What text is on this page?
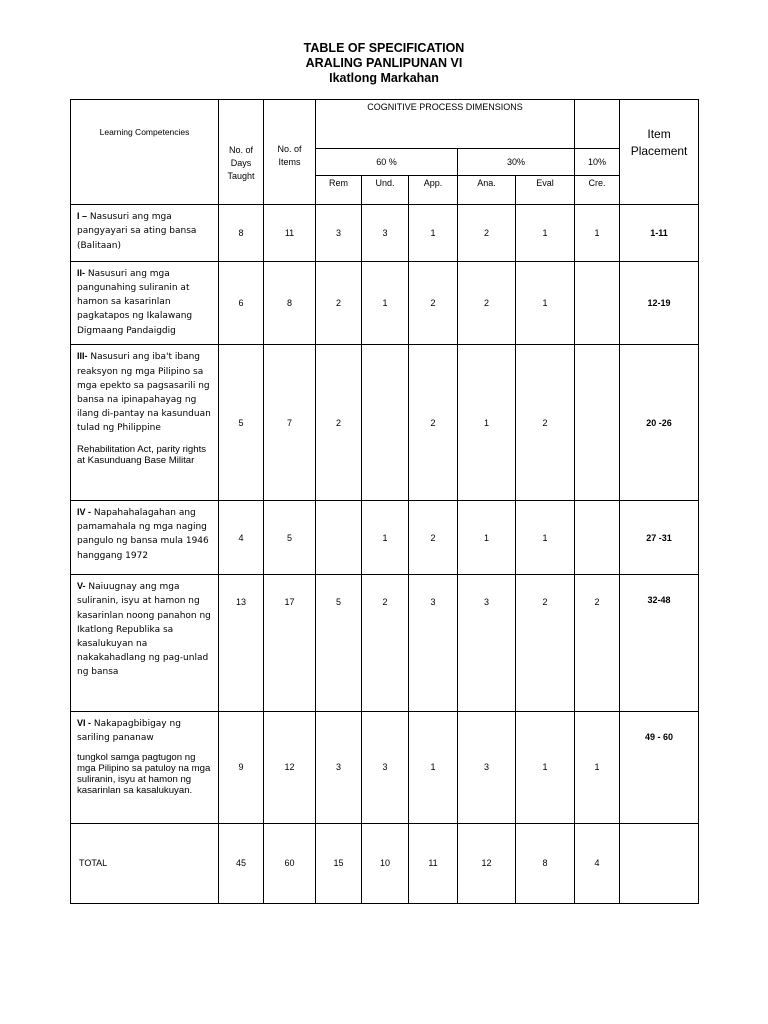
TABLE OF SPECIFICATION
ARALING PANLIPUNAN VI
Ikatlong Markahan
Learning Competencies	No. of
Days
Taught	No. of
Items	COGNITIVE PROCESS DIMENSIONS						Item
Placement

			60 %			30%		10%	
			Rem	Und.	App.	Ana.	Eval	Cre.	
I – Nasusuri ang mga pangyayari sa ating bansa (Balitaan)	8	11	3	3	1	2	1	1	1-11
II- Nasusuri ang mga pangunahing suliranin at hamon sa kasarinlan pagkatapos ng Ikalawang Digmaang Pandaigdig	6	8	2	1	2	2	1		12-19
III- Nasusuri ang iba't ibang reaksyon ng mga Pilipino sa mga epekto sa pagsasarili ng bansa na ipinapahayag ng ilang di-pantay na kasunduan tulad ng Philippine
Rehabilitation Act, parity rights at Kasunduang Base Militar	5	7	2		2	1	2		20 -26
IV - Napahahalagahan ang pamamahala ng mga naging pangulo ng bansa mula 1946 hanggang 1972	4	5		1	2	1	1		27 -31
V- Naiuugnay ang mga suliranin, isyu at hamon ng kasarinlan noong panahon ng Ikatlong Republika sa kasalukuyan na nakakahadlang ng pag-unlad ng bansa	13	17	5	2	3	3	2	2	32-48
VI - Nakapagbibigay ng sariling pananaw
tungkol samga pagtugon ng mga Pilipino sa patuloy na mga suliranin, isyu at hamon ng kasarinlan sa kasalukuyan.	9	12	3	3	1	3	1	1	49 - 60
TOTAL	45	60	15	10	11	12	8	4	
